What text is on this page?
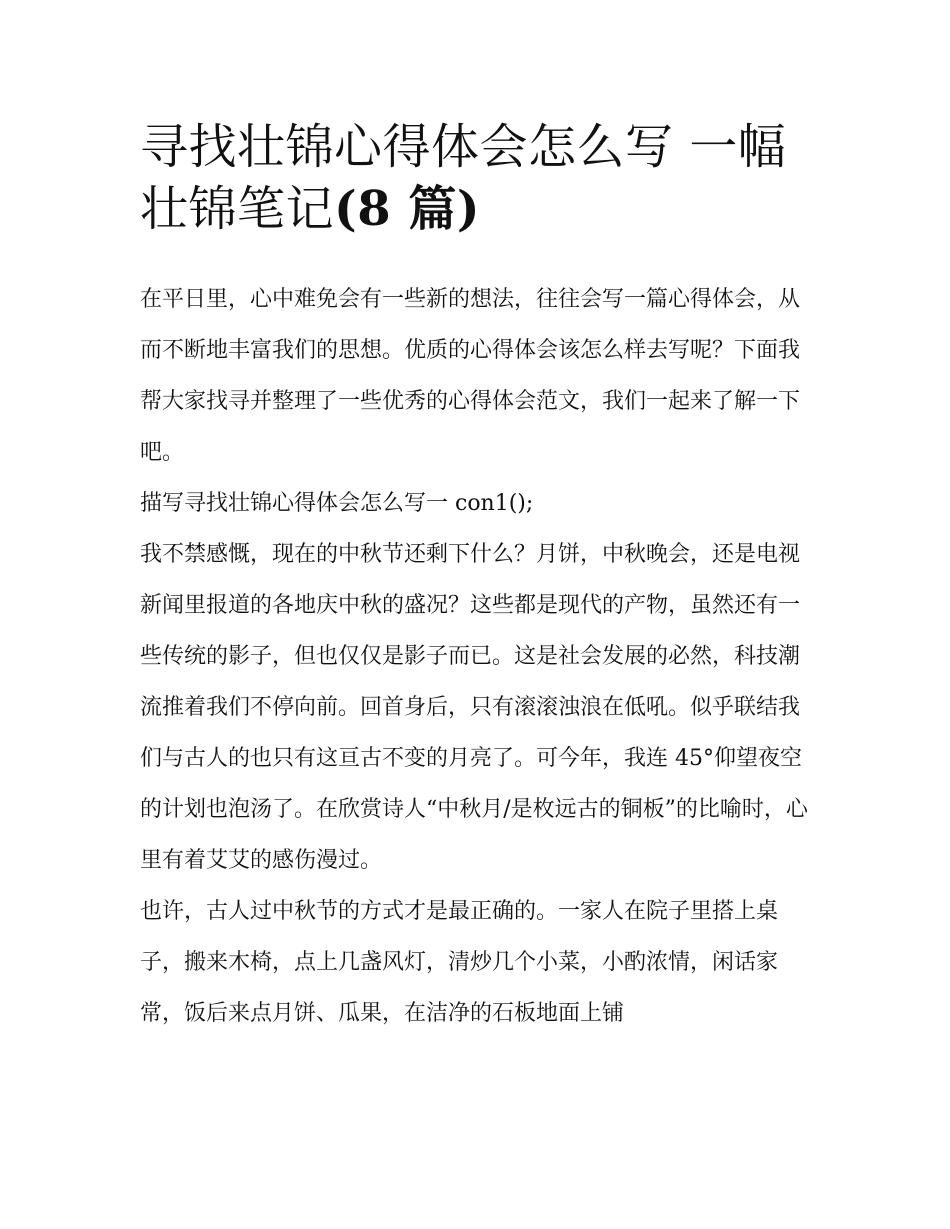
寻找壮锦心得体会怎么写 一幅壮锦笔记(8 篇)

在平日里，心中难免会有一些新的想法，往往会写一篇心得体会，从而不断地丰富我们的思想。优质的心得体会该怎么样去写呢？下面我帮大家找寻并整理了一些优秀的心得体会范文，我们一起来了解一下吧。

描写寻找壮锦心得体会怎么写一 con1();

我不禁感慨，现在的中秋节还剩下什么？月饼，中秋晚会，还是电视新闻里报道的各地庆中秋的盛况？这些都是现代的产物，虽然还有一些传统的影子，但也仅仅是影子而已。这是社会发展的必然，科技潮流推着我们不停向前。回首身后，只有滚滚浊浪在低吼。似乎联结我们与古人的也只有这亘古不变的月亮了。可今年，我连 45°仰望夜空的计划也泡汤了。在欣赏诗人“中秋月/是枚远古的铜板”的比喻时，心里有着艾艾的感伤漫过。

也许，古人过中秋节的方式才是最正确的。一家人在院子里搭上桌子，搬来木椅，点上几盏风灯，清炒几个小菜，小酌浓情，闲话家常，饭后来点月饼、瓜果，在洁净的石板地面上铺
